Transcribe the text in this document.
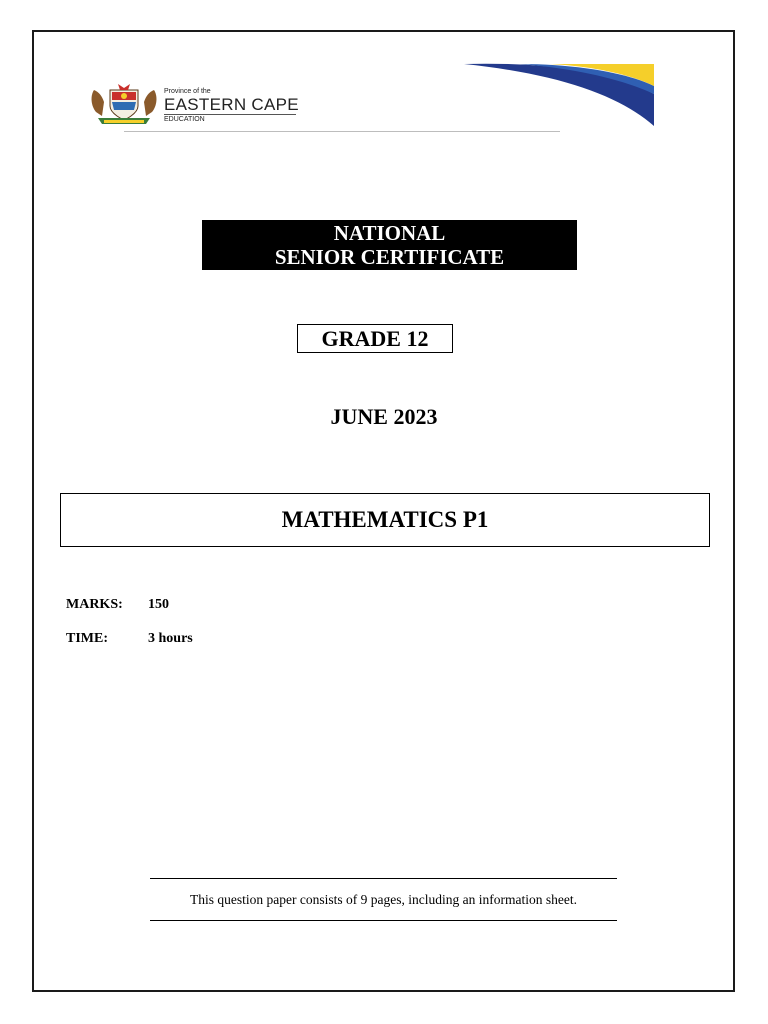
Province of the
EASTERN CAPE
EDUCATION
NATIONAL
SENIOR CERTIFICATE
GRADE 12
JUNE 2023
MATHEMATICS P1
MARKS: 150
TIME:	3 hours
This question paper consists of 9 pages, including an information sheet.
